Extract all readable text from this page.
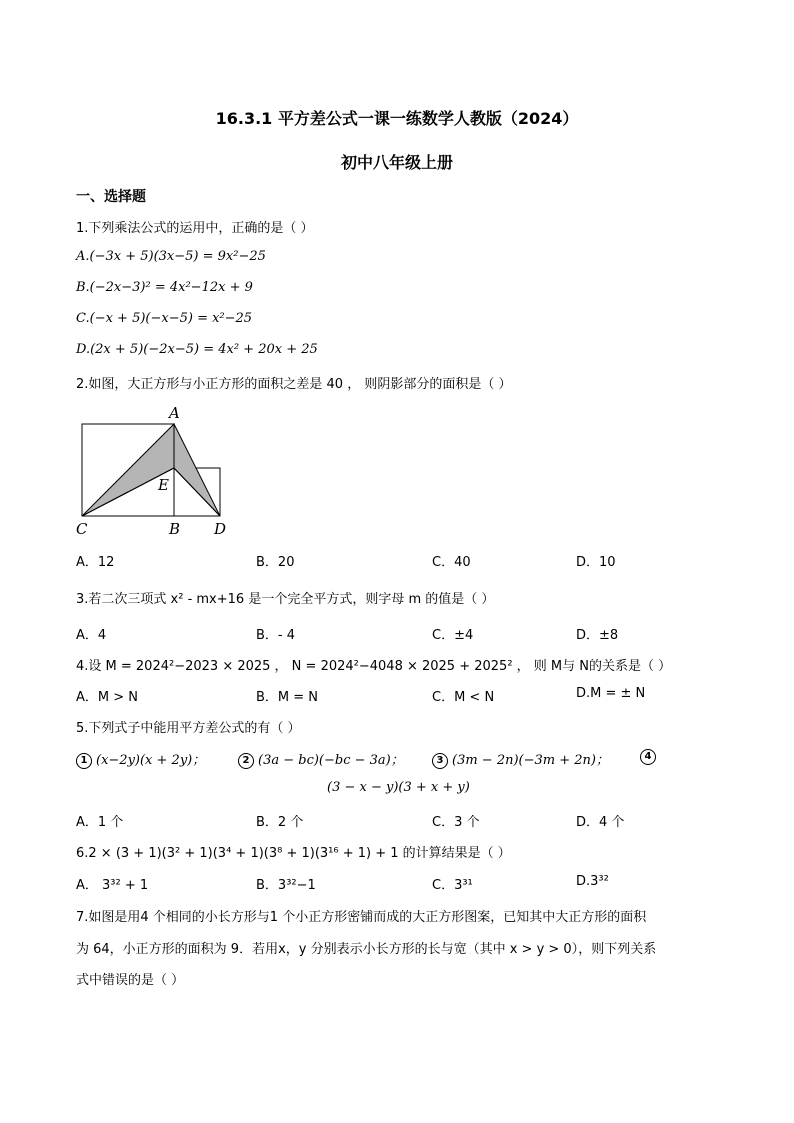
16.3.1 平方差公式一课一练数学人教版（2024）
初中八年级上册
一、选择题
1.下列乘法公式的运用中，正确的是（ ）
A.(−3x + 5)(3x−5) = 9x²−25
B.(−2x−3)² = 4x²−12x + 9
C.(−x + 5)(−x−5) = x²−25
D.(2x + 5)(−2x−5) = 4x² + 20x + 25
2.如图，大正方形与小正方形的面积之差是 40 ， 则阴影部分的面积是（ ）
A
E
C	B D
A．12	B．20	C．40	D．10
3.若二次三项式 x² - mx+16 是一个完全平方式，则字母 m 的值是（ ）
A．4	B．- 4	C．±4	D．±8
4.设 M = 2024²−2023 × 2025 ， N = 2024²−4048 × 2025 + 2025² ， 则 M与 N的关系是（ ）
A．M > N	B．M = N	C．M < N	D.M = ± N
5.下列式子中能用平方差公式的有（ ）
1 (x−2y)(x + 2y)；	2 (3a − bc)(−bc − 3a)；	3 (3m − 2n)(−3m + 2n)；	4
(3 − x − y)(3 + x + y)
A．1 个	B．2 个	C．3 个	D．4 个
6.2 × (3 + 1)(3² + 1)(3⁴ + 1)(3⁸ + 1)(3¹⁶ + 1) + 1 的计算结果是（ ）
A． 3³² + 1	B．3³²−1	C．3³¹	D.3³²
7.如图是用4 个相同的小长方形与1 个小正方形密铺而成的大正方形图案，已知其中大正方形的面积
为 64，小正方形的面积为 9．若用x，y 分别表示小长方形的长与宽（其中 x > y > 0），则下列关系
式中错误的是（ ）
